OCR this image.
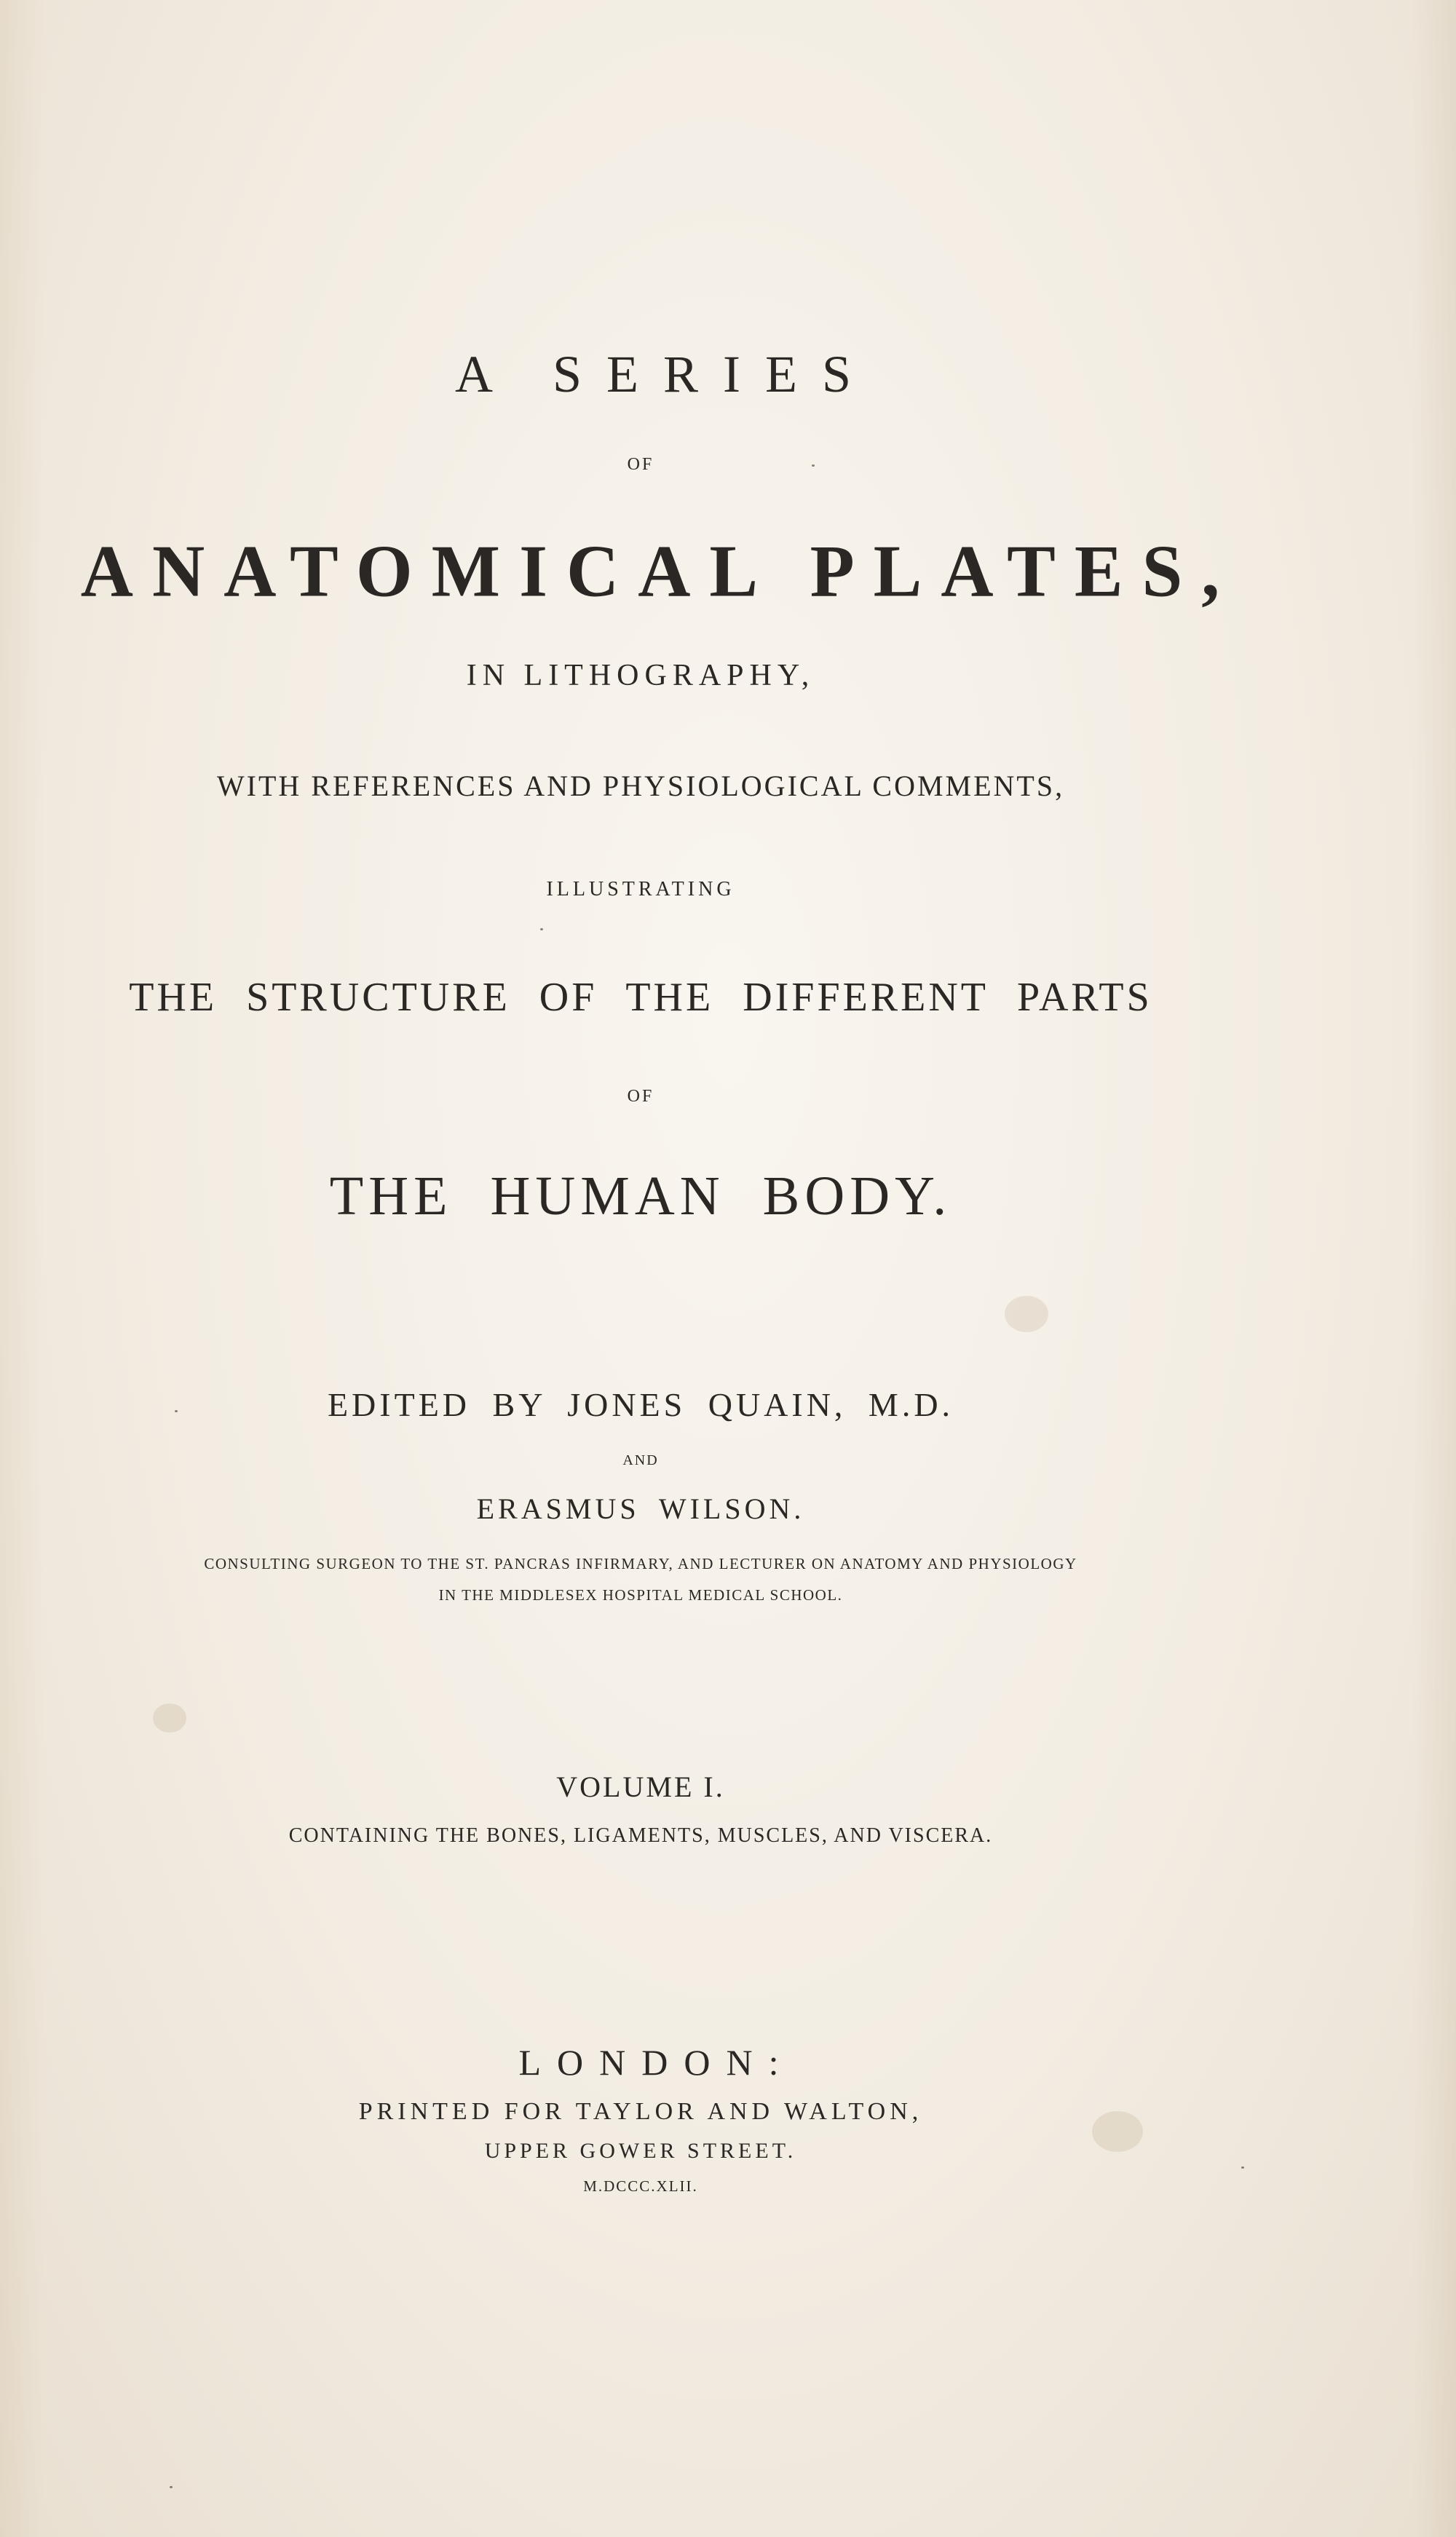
A SERIES
OF
ANATOMICAL PLATES,
IN LITHOGRAPHY,
WITH REFERENCES AND PHYSIOLOGICAL COMMENTS,
ILLUSTRATING
THE STRUCTURE OF THE DIFFERENT PARTS
OF
THE HUMAN BODY.
EDITED BY JONES QUAIN, M.D.
AND
ERASMUS WILSON.
CONSULTING SURGEON TO THE ST. PANCRAS INFIRMARY, AND LECTURER ON ANATOMY AND PHYSIOLOGY
IN THE MIDDLESEX HOSPITAL MEDICAL SCHOOL.
VOLUME I.
CONTAINING THE BONES, LIGAMENTS, MUSCLES, AND VISCERA.
LONDON:
PRINTED FOR TAYLOR AND WALTON,
UPPER GOWER STREET.
M.DCCC.XLII.
